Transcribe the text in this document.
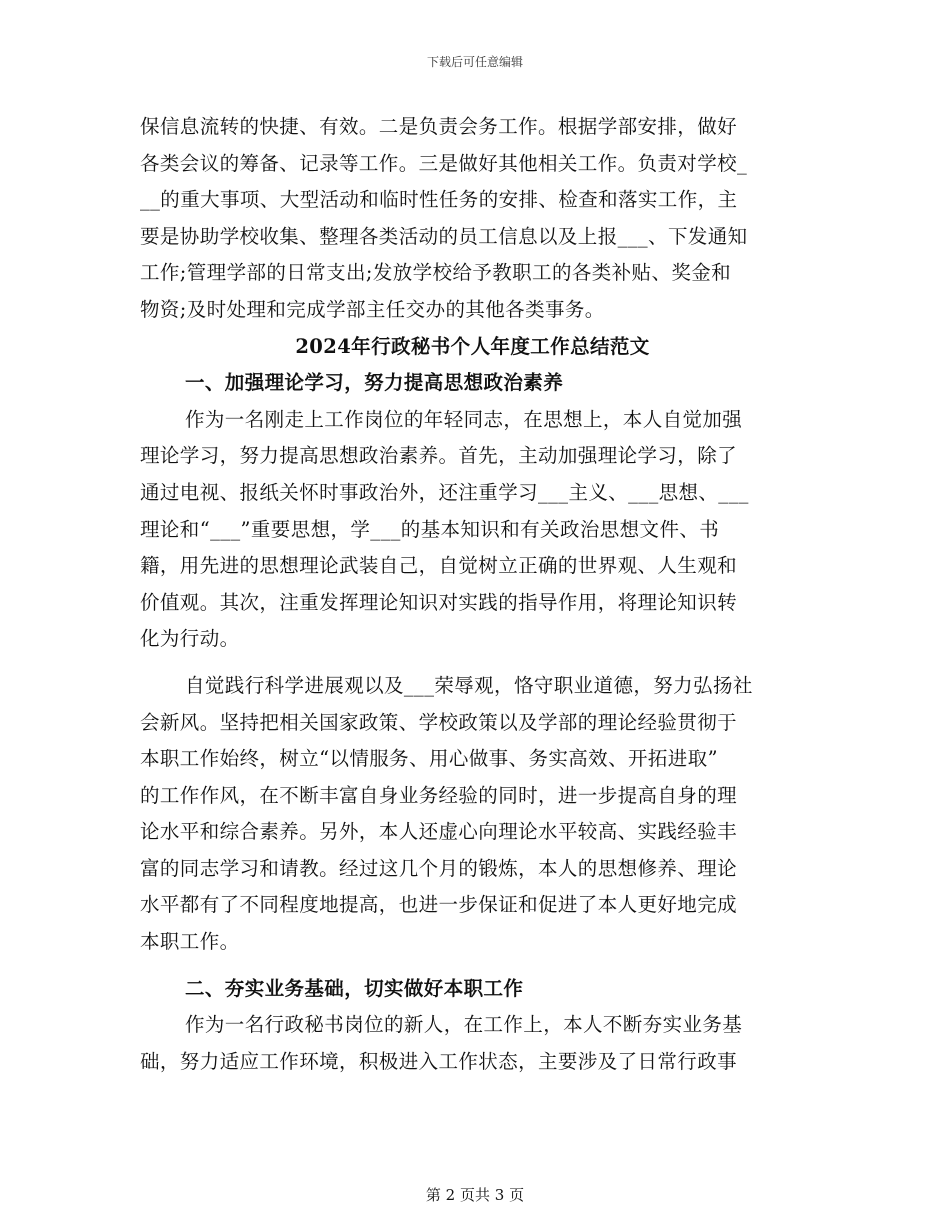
下载后可任意编辑
保信息流转的快捷、有效。二是负责会务工作。根据学部安排，做好
各类会议的筹备、记录等工作。三是做好其他相关工作。负责对学校_
__的重大事项、大型活动和临时性任务的安排、检查和落实工作，主
要是协助学校收集、整理各类活动的员工信息以及上报___、下发通知
工作;管理学部的日常支出;发放学校给予教职工的各类补贴、奖金和
物资;及时处理和完成学部主任交办的其他各类事务。
2024年行政秘书个人年度工作总结范文
一、加强理论学习，努力提高思想政治素养
作为一名刚走上工作岗位的年轻同志，在思想上，本人自觉加强
理论学习，努力提高思想政治素养。首先，主动加强理论学习，除了
通过电视、报纸关怀时事政治外，还注重学习___主义、___思想、___
理论和“___”重要思想，学___的基本知识和有关政治思想文件、书
籍，用先进的思想理论武装自己，自觉树立正确的世界观、人生观和
价值观。其次，注重发挥理论知识对实践的指导作用，将理论知识转
化为行动。
自觉践行科学进展观以及___荣辱观，恪守职业道德，努力弘扬社
会新风。坚持把相关国家政策、学校政策以及学部的理论经验贯彻于
本职工作始终，树立“以情服务、用心做事、务实高效、开拓进取”
的工作作风，在不断丰富自身业务经验的同时，进一步提高自身的理
论水平和综合素养。另外，本人还虚心向理论水平较高、实践经验丰
富的同志学习和请教。经过这几个月的锻炼，本人的思想修养、理论
水平都有了不同程度地提高，也进一步保证和促进了本人更好地完成
本职工作。
二、夯实业务基础，切实做好本职工作
作为一名行政秘书岗位的新人，在工作上，本人不断夯实业务基
础，努力适应工作环境，积极进入工作状态，主要涉及了日常行政事
第 2 页共 3 页
